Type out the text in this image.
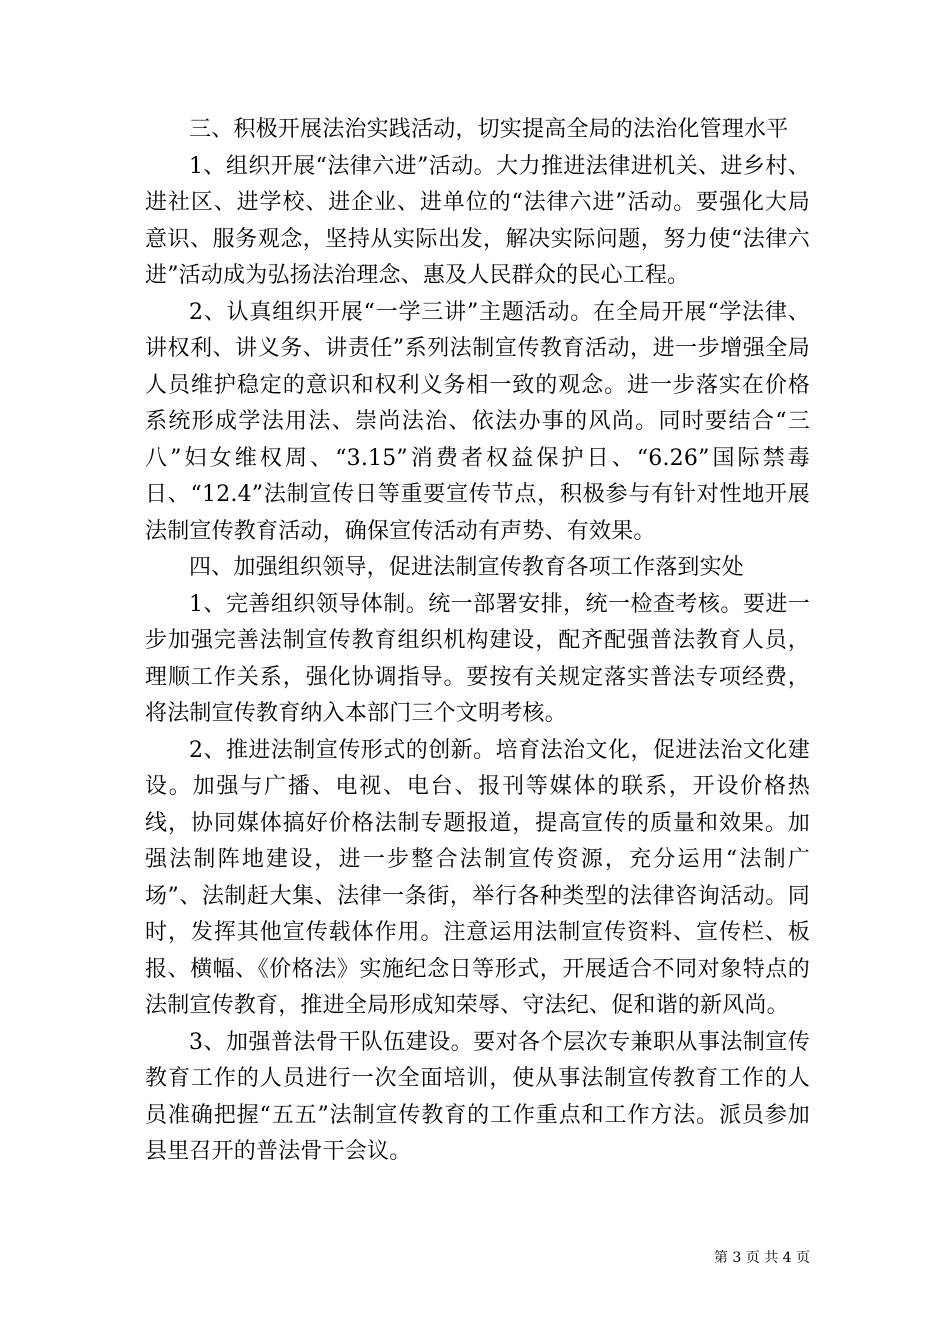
三、积极开展法治实践活动，切实提高全局的法治化管理水平

1、组织开展“法律六进”活动。大力推进法律进机关、进乡村、进社区、进学校、进企业、进单位的“法律六进”活动。要强化大局意识、服务观念，坚持从实际出发，解决实际问题，努力使“法律六进”活动成为弘扬法治理念、惠及人民群众的民心工程。

2、认真组织开展“一学三讲”主题活动。在全局开展“学法律、讲权利、讲义务、讲责任”系列法制宣传教育活动，进一步增强全局人员维护稳定的意识和权利义务相一致的观念。进一步落实在价格系统形成学法用法、崇尚法治、依法办事的风尚。同时要结合“三八”妇女维权周、“3.15”消费者权益保护日、“6.26”国际禁毒日、“12.4”法制宣传日等重要宣传节点，积极参与有针对性地开展法制宣传教育活动，确保宣传活动有声势、有效果。

四、加强组织领导，促进法制宣传教育各项工作落到实处

1、完善组织领导体制。统一部署安排，统一检查考核。要进一步加强完善法制宣传教育组织机构建设，配齐配强普法教育人员，理顺工作关系，强化协调指导。要按有关规定落实普法专项经费，将法制宣传教育纳入本部门三个文明考核。

2、推进法制宣传形式的创新。培育法治文化，促进法治文化建设。加强与广播、电视、电台、报刊等媒体的联系，开设价格热线，协同媒体搞好价格法制专题报道，提高宣传的质量和效果。加强法制阵地建设，进一步整合法制宣传资源，充分运用“法制广场”、法制赶大集、法律一条街，举行各种类型的法律咨询活动。同时，发挥其他宣传载体作用。注意运用法制宣传资料、宣传栏、板报、横幅、《价格法》实施纪念日等形式，开展适合不同对象特点的法制宣传教育，推进全局形成知荣辱、守法纪、促和谐的新风尚。

3、加强普法骨干队伍建设。要对各个层次专兼职从事法制宣传教育工作的人员进行一次全面培训，使从事法制宣传教育工作的人员准确把握“五五”法制宣传教育的工作重点和工作方法。派员参加县里召开的普法骨干会议。

第 3 页 共 4 页
